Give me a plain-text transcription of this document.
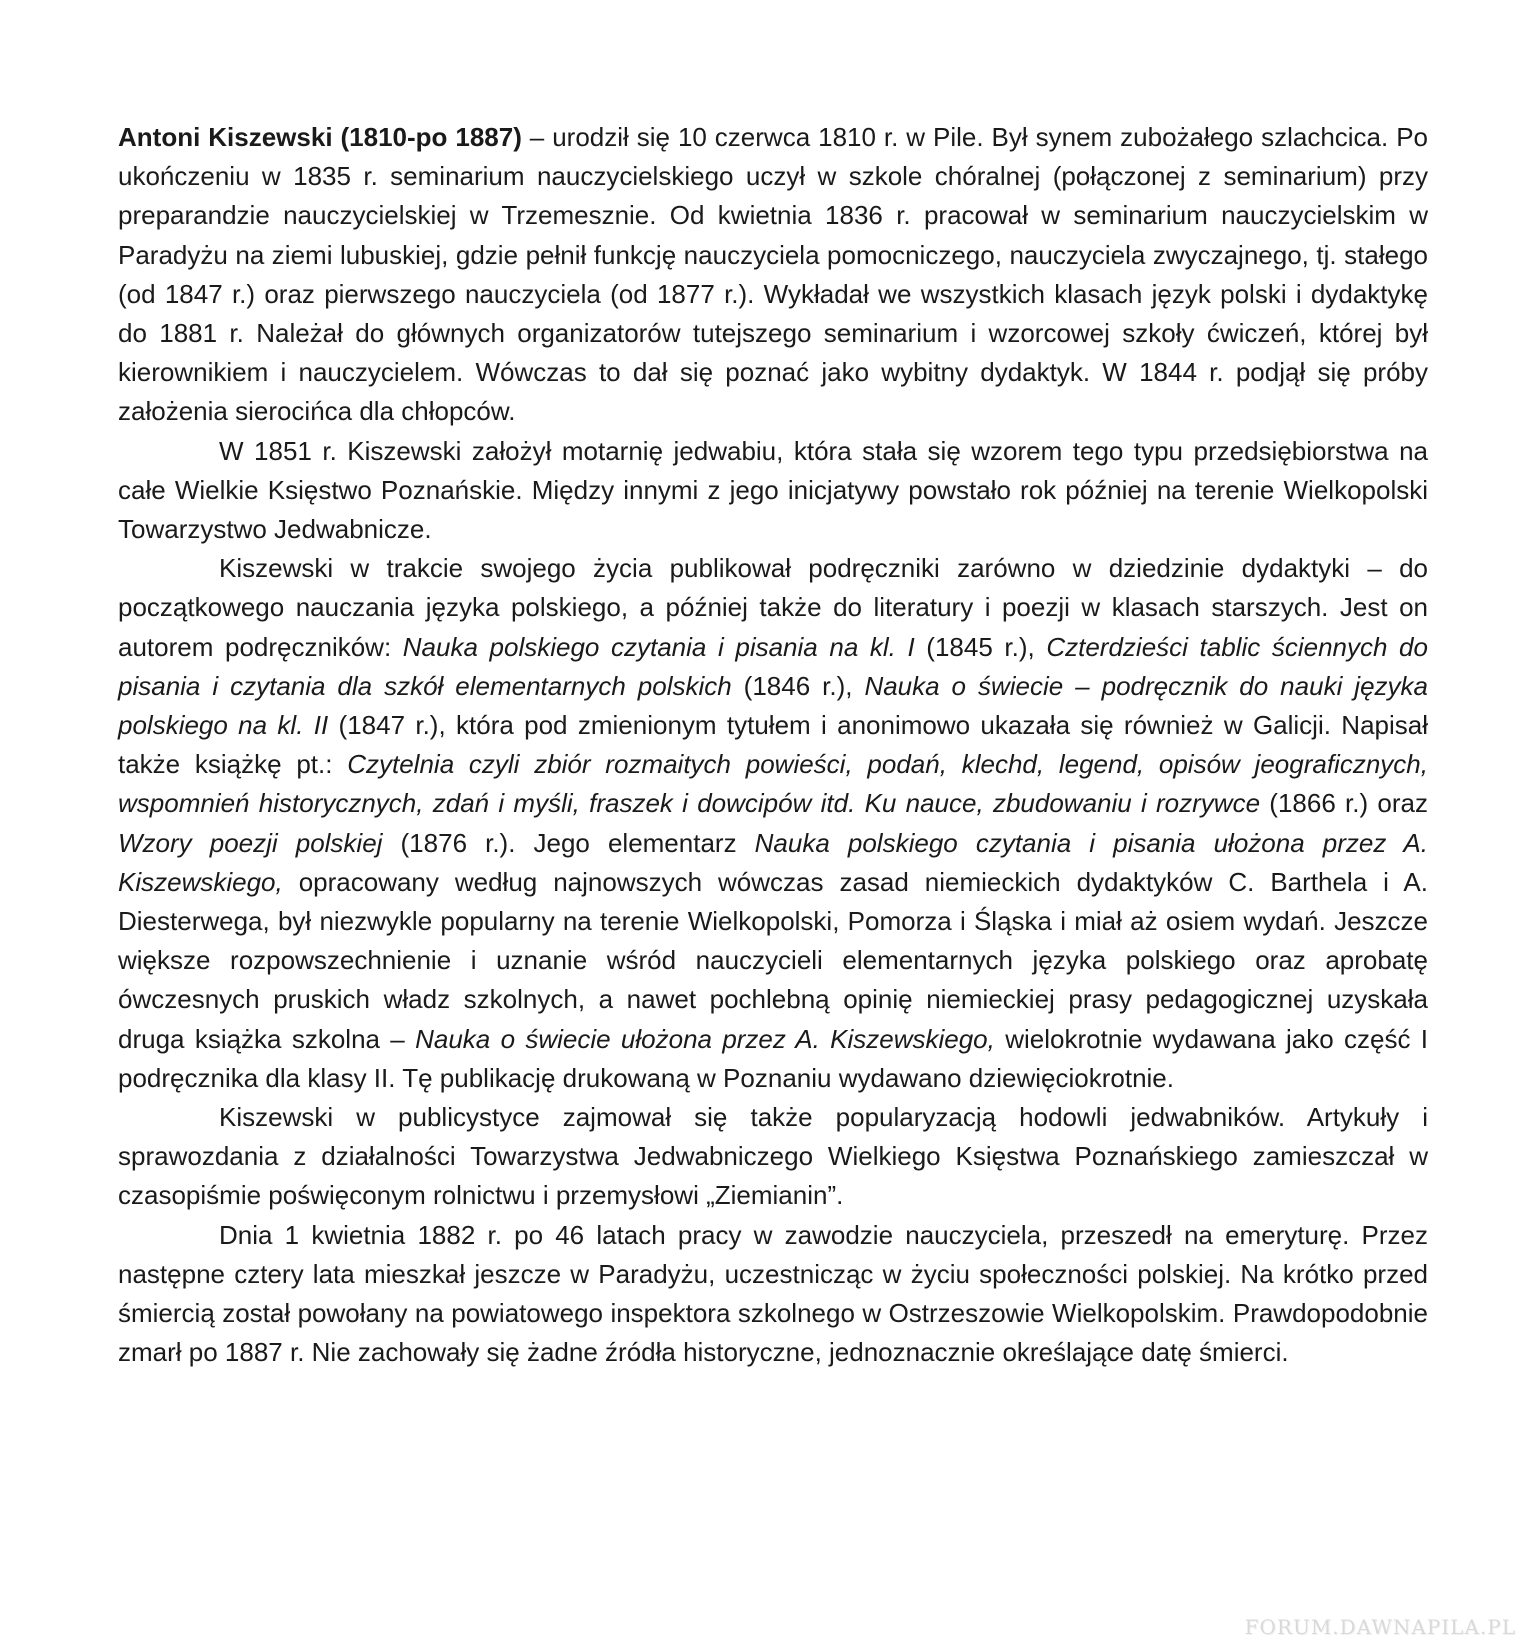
Antoni Kiszewski (1810-po 1887) – urodził się 10 czerwca 1810 r. w Pile. Był synem zubożałego szlachcica. Po ukończeniu w 1835 r. seminarium nauczycielskiego uczył w szkole chóralnej (połączonej z seminarium) przy preparandzie nauczycielskiej w Trzemesznie. Od kwietnia 1836 r. pracował w seminarium nauczycielskim w Paradyżu na ziemi lubuskiej, gdzie pełnił funkcję nauczyciela pomocniczego, nauczyciela zwyczajnego, tj. stałego (od 1847 r.) oraz pierwszego nauczyciela (od 1877 r.). Wykładał we wszystkich klasach język polski i dydaktykę do 1881 r. Należał do głównych organizatorów tutejszego seminarium i wzorcowej szkoły ćwiczeń, której był kierownikiem i nauczycielem. Wówczas to dał się poznać jako wybitny dydaktyk. W 1844 r. podjął się próby założenia sierocińca dla chłopców.

W 1851 r. Kiszewski założył motarnię jedwabiu, która stała się wzorem tego typu przedsiębiorstwa na całe Wielkie Księstwo Poznańskie. Między innymi z jego inicjatywy powstało rok później na terenie Wielkopolski Towarzystwo Jedwabnicze.

Kiszewski w trakcie swojego życia publikował podręczniki zarówno w dziedzinie dydaktyki – do początkowego nauczania języka polskiego, a później także do literatury i poezji w klasach starszych. Jest on autorem podręczników: Nauka polskiego czytania i pisania na kl. I (1845 r.), Czterdzieści tablic ściennych do pisania i czytania dla szkół elementarnych polskich (1846 r.), Nauka o świecie – podręcznik do nauki języka polskiego na kl. II (1847 r.), która pod zmienionym tytułem i anonimowo ukazała się również w Galicji. Napisał także książkę pt.: Czytelnia czyli zbiór rozmaitych powieści, podań, klechd, legend, opisów jeograficznych, wspomnień historycznych, zdań i myśli, fraszek i dowcipów itd. Ku nauce, zbudowaniu i rozrywce (1866 r.) oraz Wzory poezji polskiej (1876 r.). Jego elementarz Nauka polskiego czytania i pisania ułożona przez A. Kiszewskiego, opracowany według najnowszych wówczas zasad niemieckich dydaktyków C. Barthela i A. Diesterwega, był niezwykle popularny na terenie Wielkopolski, Pomorza i Śląska i miał aż osiem wydań. Jeszcze większe rozpowszechnienie i uznanie wśród nauczycieli elementarnych języka polskiego oraz aprobatę ówczesnych pruskich władz szkolnych, a nawet pochlebną opinię niemieckiej prasy pedagogicznej uzyskała druga książka szkolna – Nauka o świecie ułożona przez A. Kiszewskiego, wielokrotnie wydawana jako część I podręcznika dla klasy II. Tę publikację drukowaną w Poznaniu wydawano dziewięciokrotnie.

Kiszewski w publicystyce zajmował się także popularyzacją hodowli jedwabników. Artykuły i sprawozdania z działalności Towarzystwa Jedwabniczego Wielkiego Księstwa Poznańskiego zamieszczał w czasopiśmie poświęconym rolnictwu i przemysłowi „Ziemianin”.

Dnia 1 kwietnia 1882 r. po 46 latach pracy w zawodzie nauczyciela, przeszedł na emeryturę. Przez następne cztery lata mieszkał jeszcze w Paradyżu, uczestnicząc w życiu społeczności polskiej. Na krótko przed śmiercią został powołany na powiatowego inspektora szkolnego w Ostrzeszowie Wielkopolskim. Prawdopodobnie zmarł po 1887 r. Nie zachowały się żadne źródła historyczne, jednoznacznie określające datę śmierci.

FORUM.DAWNAPILA.PL
